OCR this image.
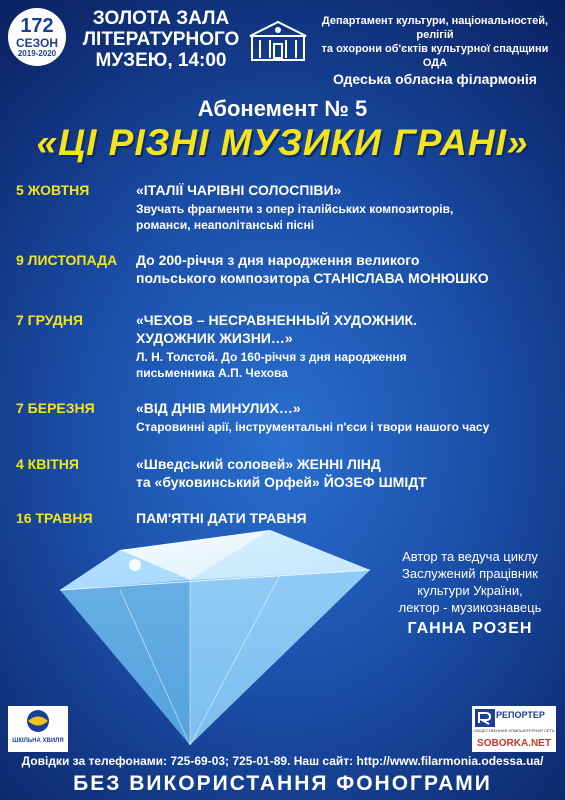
172
СЕЗОН
2019-2020
ЗОЛОТА ЗАЛА
ЛІТЕРАТУРНОГО
МУЗЕЮ, 14:00
Департамент культури, національностей, релігій
та охорони об'єктів культурної спадщини ОДА
Одеська обласна філармонія
Абонемент № 5
«ЦІ РІЗНІ МУЗИКИ ГРАНІ»
5 ЖОВТНЯ	«ІТАЛІЇ ЧАРІВНІ СОЛОСПІВИ»
Звучать фрагменти з опер італійських композиторів,
романси, неаполітанські пісні
9 ЛИСТОПАДА До 200-річчя з дня народження великого
польського композитора СТАНІСЛАВА МОНЮШКО
7 ГРУДНЯ	«ЧЕХОВ – НЕСРАВНЕННЫЙ ХУДОЖНИК.
ХУДОЖНИК ЖИЗНИ…»
Л. Н. Толстой. До 160-річчя з дня народження
письменника А.П. Чехова
7 БЕРЕЗНЯ	«ВІД ДНІВ МИНУЛИХ…»
Старовинні арії, інструментальні п'єси і твори нашого часу
4 КВІТНЯ	«Шведський соловей» ЖЕННІ ЛІНД
та «буковинський Орфей» ЙОЗЕФ ШМІДТ
16 ТРАВНЯ	ПАМ'ЯТНІ ДАТИ ТРАВНЯ
Автор та ведуча циклу
Заслужений працівник
культури України,
лектор - музикознавець
ГАННА РОЗЕН
ШКІЛЬНА ХВИЛЯ
РЕПОРТЕР
ОБЩЕСТВЕННАЯ КОМПЬЮТЕРНАЯ СЕТЬ
SOBORKA.NET
Довідки за телефонами: 725-69-03; 725-01-89. Наш сайт: http://www.filarmonia.odessa.ua/
БЕЗ ВИКОРИСТАННЯ ФОНОГРАМИ
